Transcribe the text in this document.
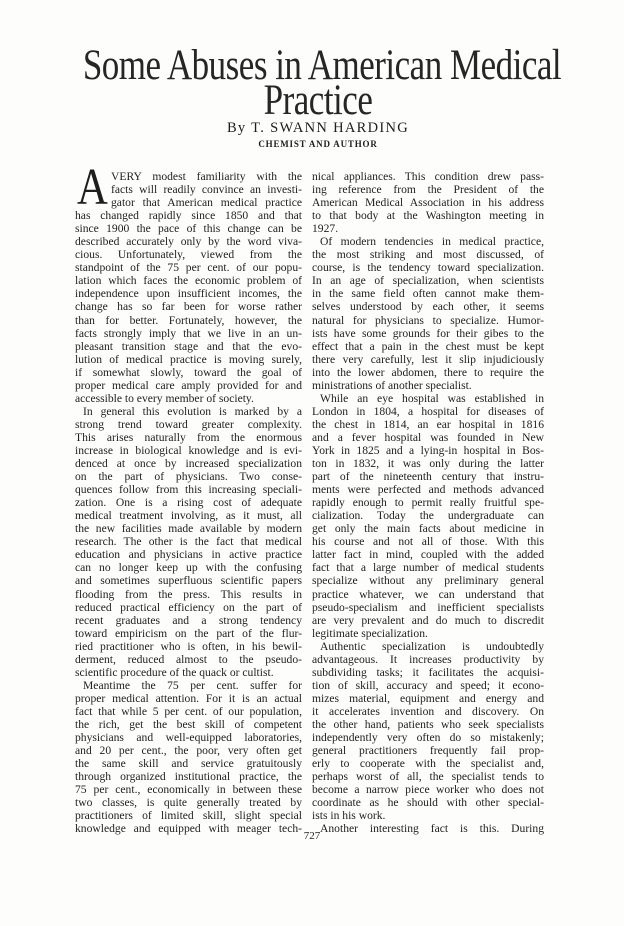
Some Abuses in American Medical
Practice
By T. SWANN HARDING
CHEMIST AND AUTHOR
A VERY modest familiarity with the
facts will readily convince an investi-
gator that American medical practice
has changed rapidly since 1850 and that
since 1900 the pace of this change can be
described accurately only by the word viva-
cious. Unfortunately, viewed from the
standpoint of the 75 per cent. of our popu-
lation which faces the economic problem of
independence upon insufficient incomes, the
change has so far been for worse rather
than for better. Fortunately, however, the
facts strongly imply that we live in an un-
pleasant transition stage and that the evo-
lution of medical practice is moving surely,
if somewhat slowly, toward the goal of
proper medical care amply provided for and
accessible to every member of society.
In general this evolution is marked by a
strong trend toward greater complexity.
This arises naturally from the enormous
increase in biological knowledge and is evi-
denced at once by increased specialization
on the part of physicians. Two conse-
quences follow from this increasing speciali-
zation. One is a rising cost of adequate
medical treatment involving, as it must, all
the new facilities made available by modern
research. The other is the fact that medical
education and physicians in active practice
can no longer keep up with the confusing
and sometimes superfluous scientific papers
flooding from the press. This results in
reduced practical efficiency on the part of
recent graduates and a strong tendency
toward empiricism on the part of the flur-
ried practitioner who is often, in his bewil-
derment, reduced almost to the pseudo-
scientific procedure of the quack or cultist.
Meantime the 75 per cent. suffer for
proper medical attention. For it is an actual
fact that while 5 per cent. of our population,
the rich, get the best skill of competent
physicians and well-equipped laboratories,
and 20 per cent., the poor, very often get
the same skill and service gratuitously
through organized institutional practice, the
75 per cent., economically in between these
two classes, is quite generally treated by
practitioners of limited skill, slight special
knowledge and equipped with meager tech-
nical appliances. This condition drew pass-
ing reference from the President of the
American Medical Association in his address
to that body at the Washington meeting in
1927.
Of modern tendencies in medical practice,
the most striking and most discussed, of
course, is the tendency toward specialization.
In an age of specialization, when scientists
in the same field often cannot make them-
selves understood by each other, it seems
natural for physicians to specialize. Humor-
ists have some grounds for their gibes to the
effect that a pain in the chest must be kept
there very carefully, lest it slip injudiciously
into the lower abdomen, there to require the
ministrations of another specialist.
While an eye hospital was established in
London in 1804, a hospital for diseases of
the chest in 1814, an ear hospital in 1816
and a fever hospital was founded in New
York in 1825 and a lying-in hospital in Bos-
ton in 1832, it was only during the latter
part of the nineteenth century that instru-
ments were perfected and methods advanced
rapidly enough to permit really fruitful spe-
cialization. Today the undergraduate can
get only the main facts about medicine in
his course and not all of those. With this
latter fact in mind, coupled with the added
fact that a large number of medical students
specialize without any preliminary general
practice whatever, we can understand that
pseudo-specialism and inefficient specialists
are very prevalent and do much to discredit
legitimate specialization.
Authentic specialization is undoubtedly
advantageous. It increases productivity by
subdividing tasks; it facilitates the acquisi-
tion of skill, accuracy and speed; it econo-
mizes material, equipment and energy and
it accelerates invention and discovery. On
the other hand, patients who seek specialists
independently very often do so mistakenly;
general practitioners frequently fail prop-
erly to cooperate with the specialist and,
perhaps worst of all, the specialist tends to
become a narrow piece worker who does not
coordinate as he should with other special-
ists in his work.
Another interesting fact is this. During
727
